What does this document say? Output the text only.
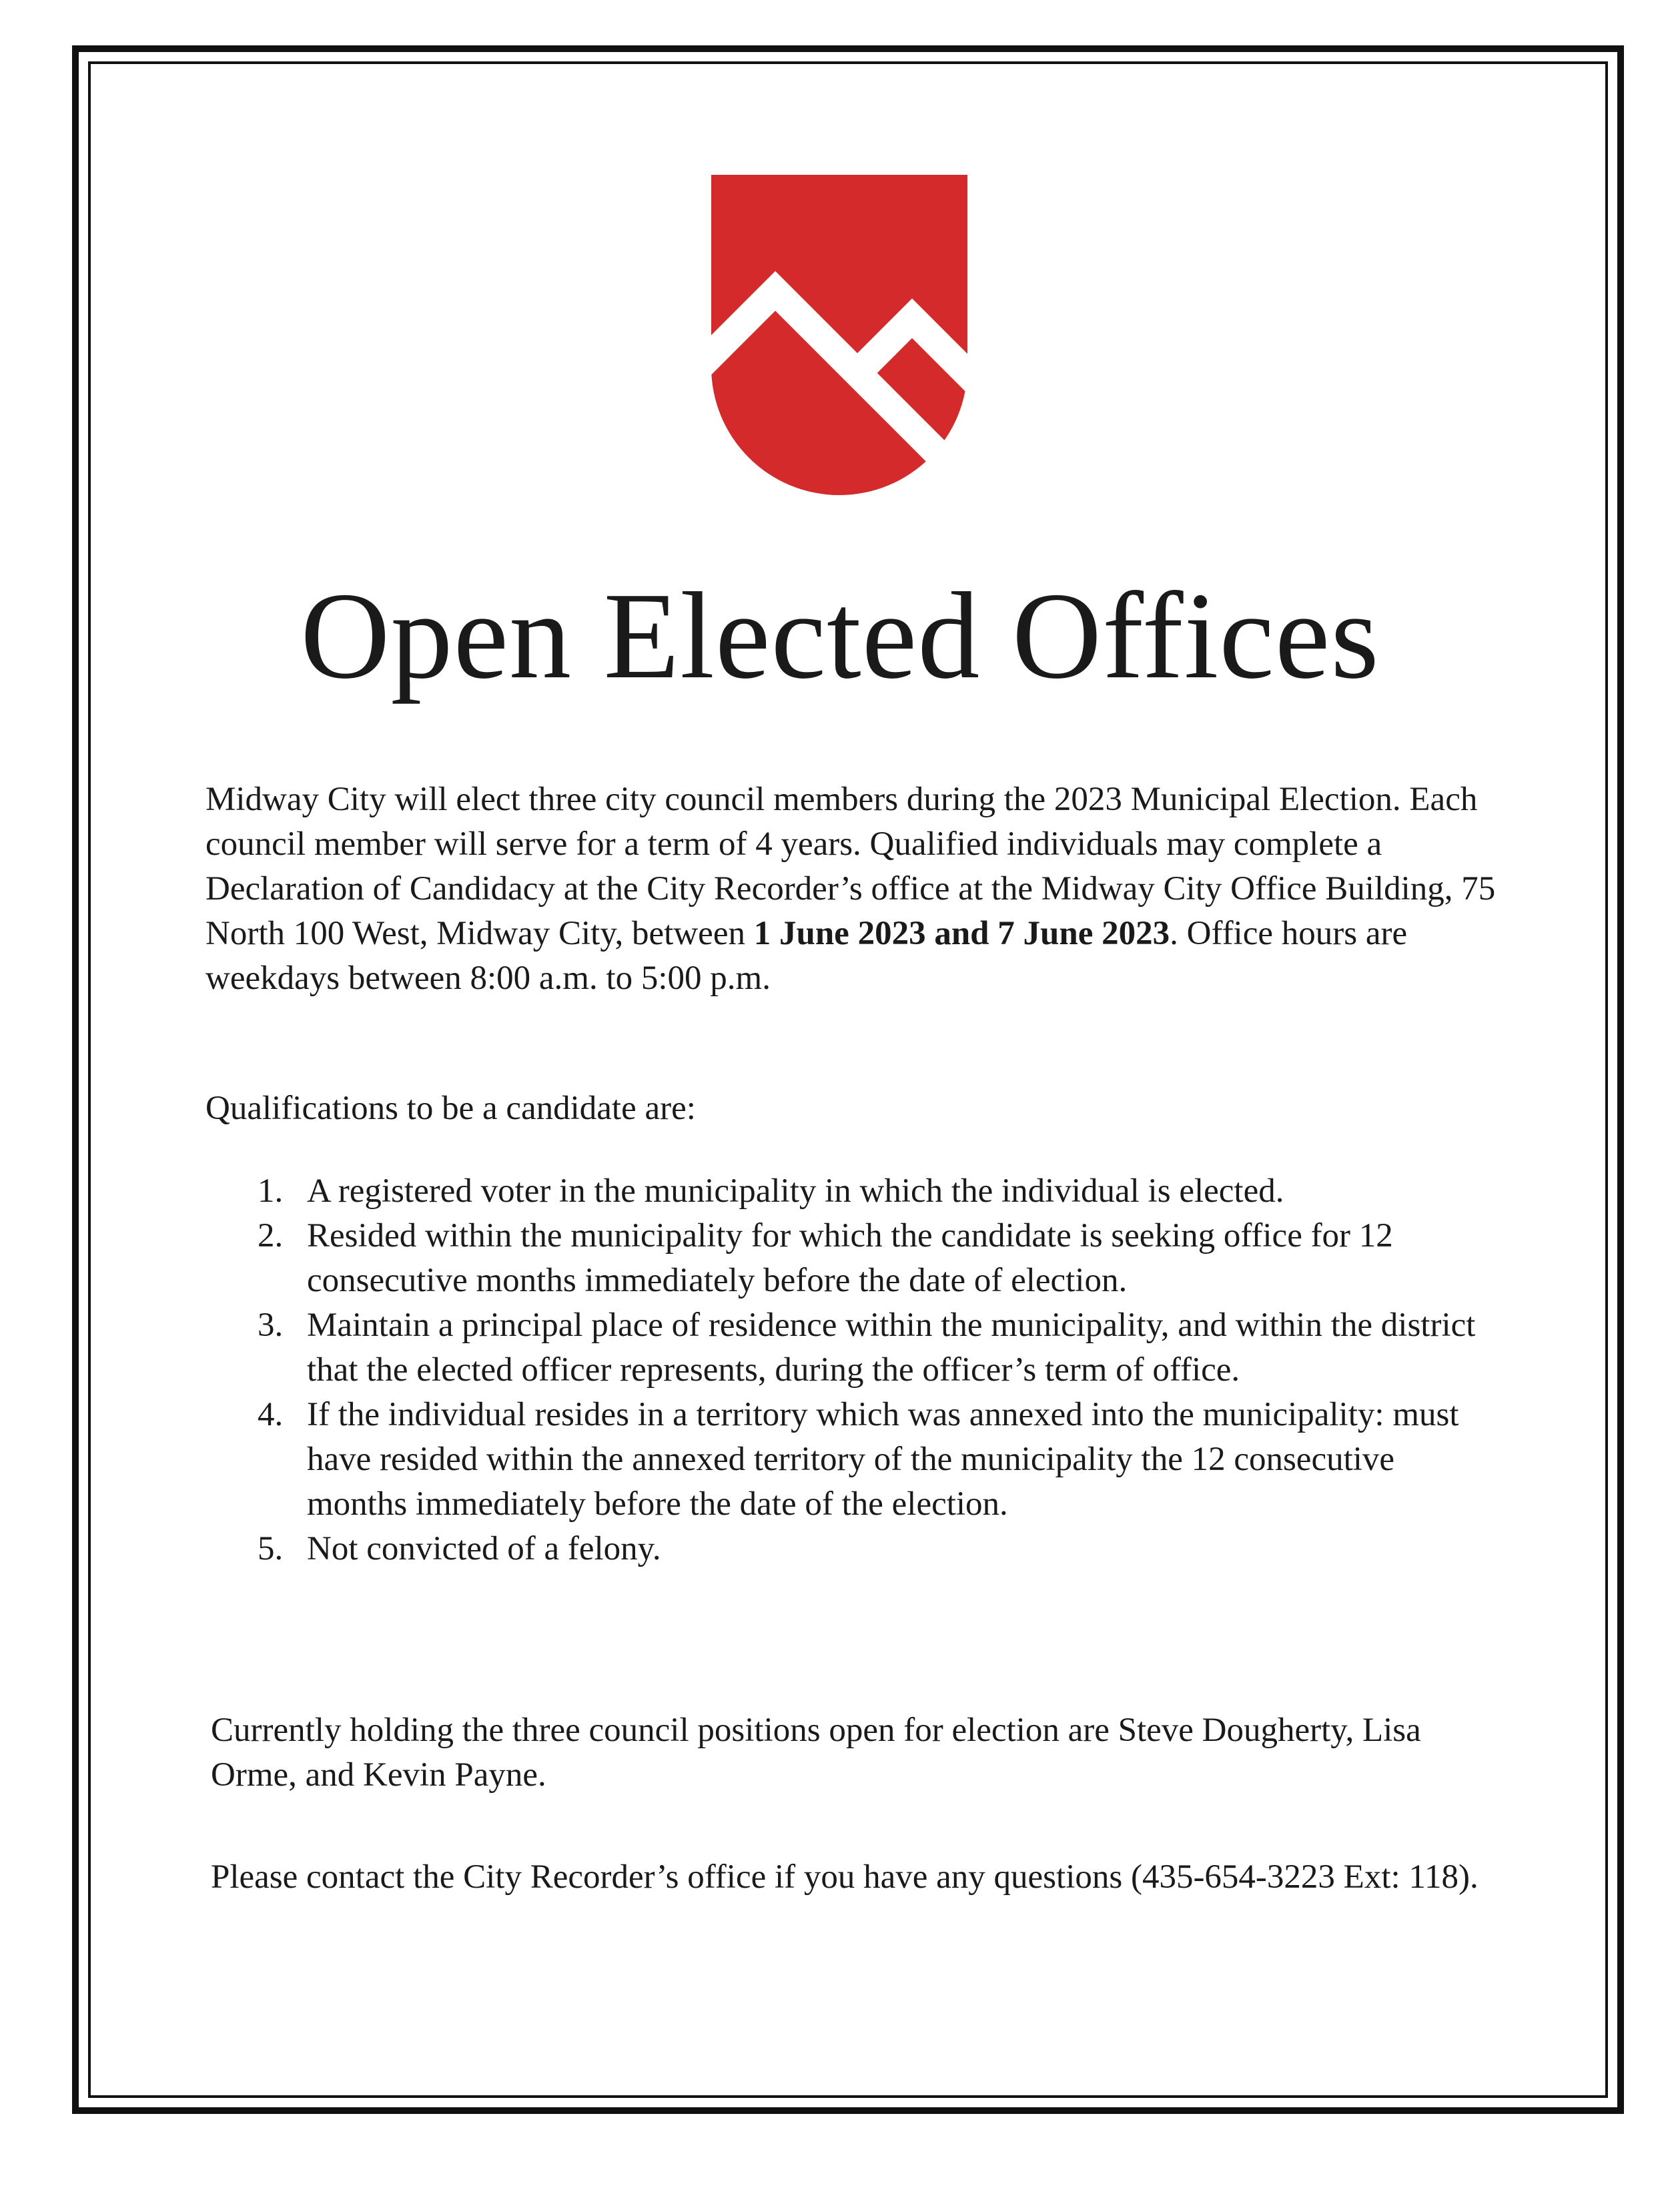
Open Elected Offices
Midway City will elect three city council members during the 2023 Municipal Election. Each council member will serve for a term of 4 years. Qualified individuals may complete a Declaration of Candidacy at the City Recorder’s office at the Midway City Office Building, 75 North 100 West, Midway City, between 1 June 2023 and 7 June 2023. Office hours are weekdays between 8:00 a.m. to 5:00 p.m.
Qualifications to be a candidate are:
1. A registered voter in the municipality in which the individual is elected.
2. Resided within the municipality for which the candidate is seeking office for 12 consecutive months immediately before the date of election.
3. Maintain a principal place of residence within the municipality, and within the district that the elected officer represents, during the officer’s term of office.
4. If the individual resides in a territory which was annexed into the municipality: must have resided within the annexed territory of the municipality the 12 consecutive months immediately before the date of the election.
5. Not convicted of a felony.
Currently holding the three council positions open for election are Steve Dougherty, Lisa Orme, and Kevin Payne.
Please contact the City Recorder’s office if you have any questions (435-654-3223 Ext: 118).
